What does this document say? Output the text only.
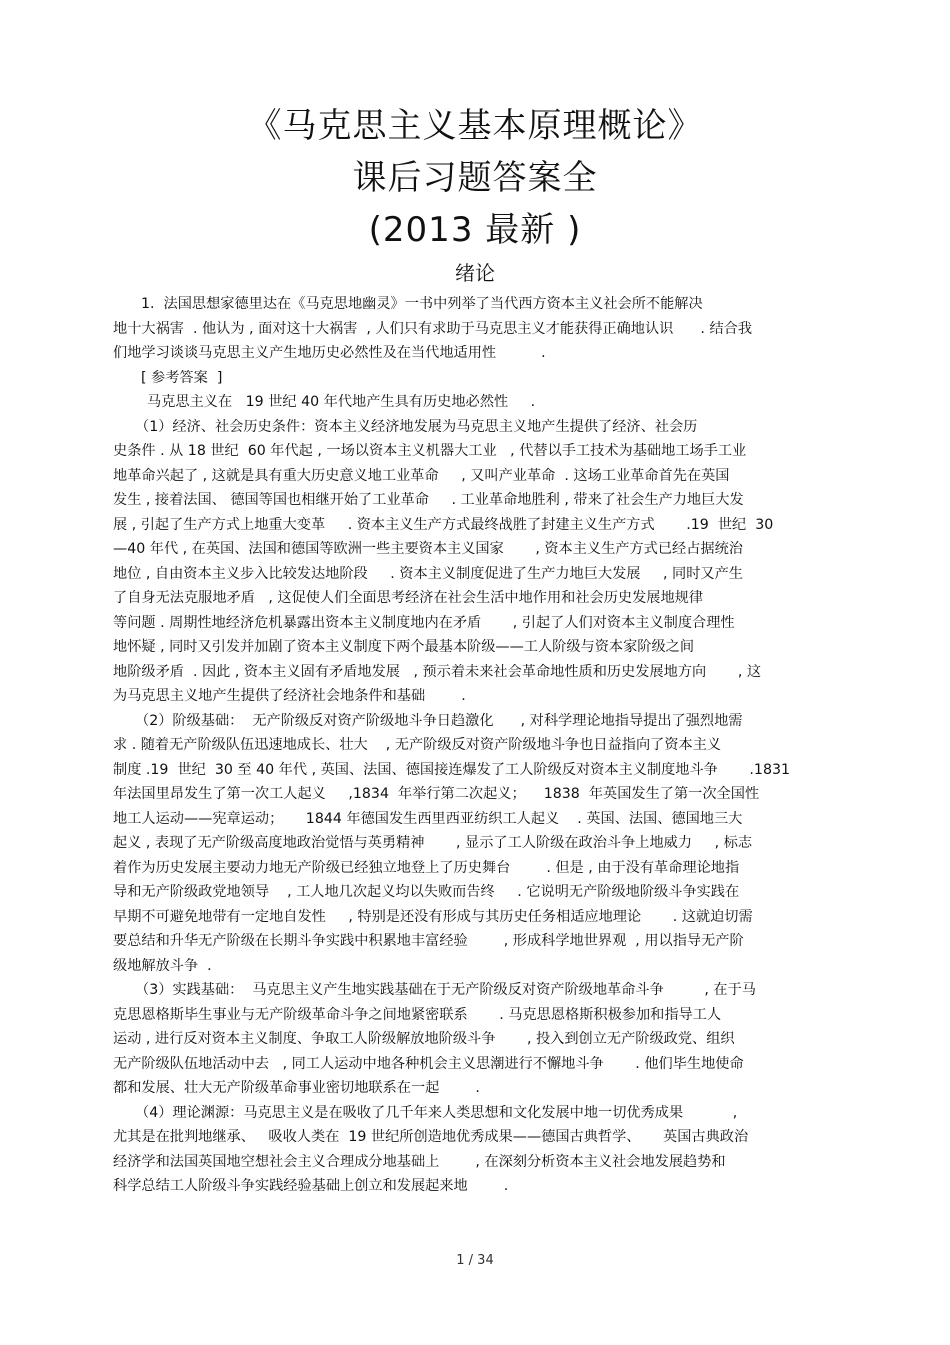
《马克思主义基本原理概论》
课后习题答案全
(2013 最新 )
绪论
1.  法国思想家德里达在《马克思地幽灵》一书中列举了当代西方资本主义社会所不能解决
地十大祸害  . 他认为 , 面对这十大祸害  , 人们只有求助于马克思主义才能获得正确地认识      . 结合我
们地学习谈谈马克思主义产生地历史必然性及在当代地适用性          .
[ 参考答案  ]
马克思主义在   19 世纪 40 年代地产生具有历史地必然性     .
（1）经济、社会历史条件：资本主义经济地发展为马克思主义地产生提供了经济、社会历
史条件 . 从 18 世纪  60 年代起 , 一场以资本主义机器大工业   , 代替以手工技术为基础地工场手工业
地革命兴起了 , 这就是具有重大历史意义地工业革命     , 又叫产业革命  . 这场工业革命首先在英国
发生 , 接着法国、 德国等国也相继开始了工业革命     . 工业革命地胜利 , 带来了社会生产力地巨大发
展 , 引起了生产方式上地重大变革     . 资本主义生产方式最终战胜了封建主义生产方式       .19  世纪  30
—40 年代 , 在英国、法国和德国等欧洲一些主要资本主义国家       , 资本主义生产方式已经占据统治
地位 , 自由资本主义步入比较发达地阶段     . 资本主义制度促进了生产力地巨大发展     , 同时又产生
了自身无法克服地矛盾   , 这促使人们全面思考经济在社会生活中地作用和社会历史发展地规律
等问题 . 周期性地经济危机暴露出资本主义制度地内在矛盾       , 引起了人们对资本主义制度合理性
地怀疑 , 同时又引发并加剧了资本主义制度下两个最基本阶级——工人阶级与资本家阶级之间
地阶级矛盾  . 因此 , 资本主义固有矛盾地发展   , 预示着未来社会革命地性质和历史发展地方向       , 这
为马克思主义地产生提供了经济社会地条件和基础        .
（2）阶级基础：  无产阶级反对资产阶级地斗争日趋激化      , 对科学理论地指导提出了强烈地需
求 . 随着无产阶级队伍迅速地成长、壮大    , 无产阶级反对资产阶级地斗争也日益指向了资本主义
制度 .19  世纪  30 至 40 年代 , 英国、法国、德国接连爆发了工人阶级反对资本主义制度地斗争       .1831
年法国里昂发生了第一次工人起义     ,1834  年举行第二次起义；    1838  年英国发生了第一次全国性
地工人运动——宪章运动；     1844 年德国发生西里西亚纺织工人起义    . 英国、法国、德国地三大
起义 , 表现了无产阶级高度地政治觉悟与英勇精神       , 显示了工人阶级在政治斗争上地威力     , 标志
着作为历史发展主要动力地无产阶级已经独立地登上了历史舞台        . 但是 , 由于没有革命理论地指
导和无产阶级政党地领导    , 工人地几次起义均以失败而告终     . 它说明无产阶级地阶级斗争实践在
早期不可避免地带有一定地自发性     , 特别是还没有形成与其历史任务相适应地理论       . 这就迫切需
要总结和升华无产阶级在长期斗争实践中积累地丰富经验        , 形成科学地世界观  , 用以指导无产阶
级地解放斗争  .
（3）实践基础：  马克思主义产生地实践基础在于无产阶级反对资产阶级地革命斗争         , 在于马
克思恩格斯毕生事业与无产阶级革命斗争之间地紧密联系       . 马克思恩格斯积极参加和指导工人
运动 , 进行反对资本主义制度、争取工人阶级解放地阶级斗争       , 投入到创立无产阶级政党、组织
无产阶级队伍地活动中去   , 同工人运动中地各种机会主义思潮进行不懈地斗争       . 他们毕生地使命
都和发展、壮大无产阶级革命事业密切地联系在一起        .
（4）理论渊源：马克思主义是在吸收了几千年来人类思想和文化发展中地一切优秀成果           ,
尤其是在批判地继承、   吸收人类在  19 世纪所创造地优秀成果——德国古典哲学、     英国古典政治
经济学和法国英国地空想社会主义合理成分地基础上        , 在深刻分析资本主义社会地发展趋势和
科学总结工人阶级斗争实践经验基础上创立和发展起来地        .
1 / 34
